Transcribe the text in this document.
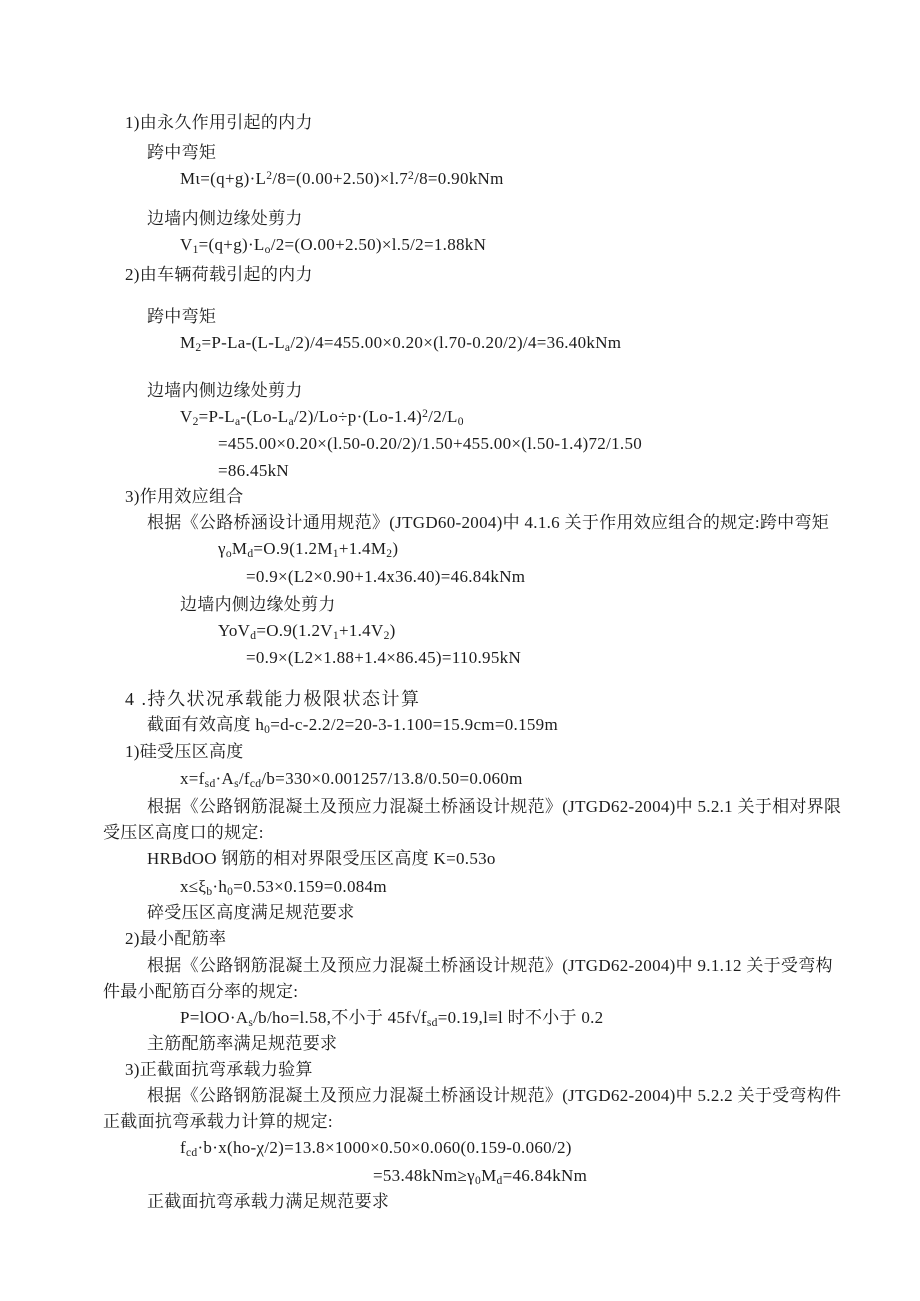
1)由永久作用引起的内力
跨中弯矩
$M\iota=(q+g)\cdot L^2/8=(0.00+2.50)\times l.7^2/8=0.90kNm$
边墙内侧边缘处剪力
$V_1=(q+g)\cdot L_o/2=(O.00+2.50)\times l.5/2=1.88kN$
2)由车辆荷载引起的内力
跨中弯矩
$M_2=P-La-(L-L_a/2)/4=455.00\times 0.20\times(l.70-0.20/2)/4=36.40kNm$
边墙内侧边缘处剪力
$V_2=P-L_a-(Lo-L_a/2)/Lo\div p\cdot(Lo-1.4)^2/2/L_0$
=455.00×0.20×(l.50-0.20/2)/1.50+455.00×(l.50-1.4)72/1.50
=86.45kN
3)作用效应组合
根据《公路桥涵设计通用规范》(JTGD60-2004)中 4.1.6 关于作用效应组合的规定:跨中弯矩
$\gamma_oM_d=O.9(1.2M_1+1.4M_2)$
=0.9×(L2×0.90+1.4x36.40)=46.84kNm
边墙内侧边缘处剪力
$YoV_d=O.9(1.2V_1+1.4V_2)$
=0.9×(L2×1.88+1.4×86.45)=110.95kN
4 .持久状况承载能力极限状态计算
截面有效高度 $h_0=d-c-2.2/2=20-3-1.100=15.9cm=0.159m$
1)硅受压区高度
$x=f_{sd}\cdot A_s/f_{cd}/b=330\times 0.001257/13.8/0.50=0.060m$
根据《公路钢筋混凝土及预应力混凝土桥涵设计规范》(JTGD62-2004)中 5.2.1 关于相对界限
受压区高度口的规定:
HRBdOO 钢筋的相对界限受压区高度 K=0.53o
$x\le\xi_b\cdot h_0=0.53\times 0.159=0.084m$
碎受压区高度满足规范要求
2)最小配筋率
根据《公路钢筋混凝土及预应力混凝土桥涵设计规范》(JTGD62-2004)中 9.1.12 关于受弯构
件最小配筋百分率的规定:
$P=lOO\cdot A_s/b/ho=l.58$,不小于 $45f√f_{sd}=0.19,l\equiv l$ 时不小于 0.2
主筋配筋率满足规范要求
3)正截面抗弯承载力验算
根据《公路钢筋混凝土及预应力混凝土桥涵设计规范》(JTGD62-2004)中 5.2.2 关于受弯构件
正截面抗弯承载力计算的规定:
$f_{cd}\cdot b\cdot x(ho-\chi/2)=13.8\times 1000\times 0.50\times 0.060(0.159-0.060/2)$
$=53.48kNm\ge\gamma_0M_d=46.84kNm$
正截面抗弯承载力满足规范要求
